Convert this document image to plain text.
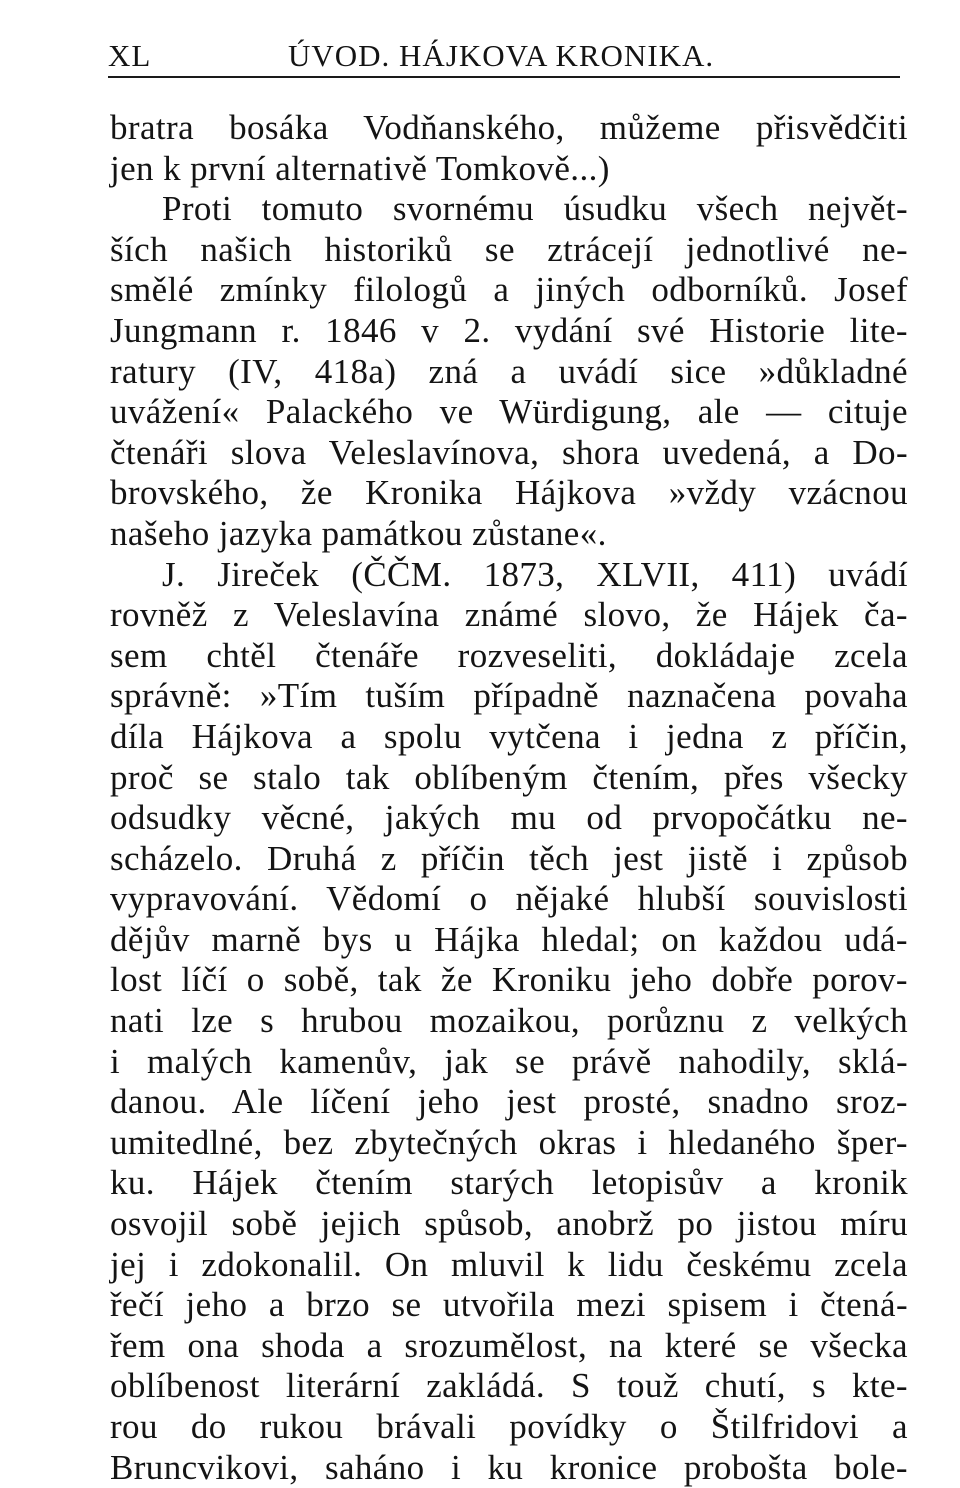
XL	ÚVOD. HÁJKOVA KRONIKA.
bratra bosáka Vodňanského, můžeme přisvědčiti
jen k první alternativě Tomkově...)
Proti tomuto svornému úsudku všech největ-
ších našich historiků se ztrácejí jednotlivé ne-
smělé zmínky filologů a jiných odborníků. Josef
Jungmann r. 1846 v 2. vydání své Historie lite-
ratury (IV, 418a) zná a uvádí sice »důkladné
uvážení« Palackého ve Würdigung, ale — cituje
čtenáři slova Veleslavínova, shora uvedená, a Do-
brovského, že Kronika Hájkova »vždy vzácnou
našeho jazyka památkou zůstane«.
J. Jireček (ČČM. 1873, XLVII, 411) uvádí
rovněž z Veleslavína známé slovo, že Hájek ča-
sem chtěl čtenáře rozveseliti, dokládaje zcela
správně: »Tím tuším případně naznačena povaha
díla Hájkova a spolu vytčena i jedna z příčin,
proč se stalo tak oblíbeným čtením, přes všecky
odsudky věcné, jakých mu od prvopočátku ne-
scházelo. Druhá z příčin těch jest jistě i způsob
vypravování. Vědomí o nějaké hlubší souvislosti
dějův marně bys u Hájka hledal; on každou udá-
lost líčí o sobě, tak že Kroniku jeho dobře porov-
nati lze s hrubou mozaikou, porůznu z velkých
i malých kamenův, jak se právě nahodily, sklá-
danou. Ale líčení jeho jest prosté, snadno sroz-
umitedlné, bez zbytečných okras i hledaného šper-
ku. Hájek čtením starých letopisův a kronik
osvojil sobě jejich spůsob, anobrž po jistou míru
jej i zdokonalil. On mluvil k lidu českému zcela
řečí jeho a brzo se utvořila mezi spisem i čtená-
řem ona shoda a srozumělost, na které se všecka
oblíbenost literární zakládá. S touž chutí, s kte-
rou do rukou brávali povídky o Štilfridovi a
Bruncvikovi, sahánо i ku kronice proboštа bole-
